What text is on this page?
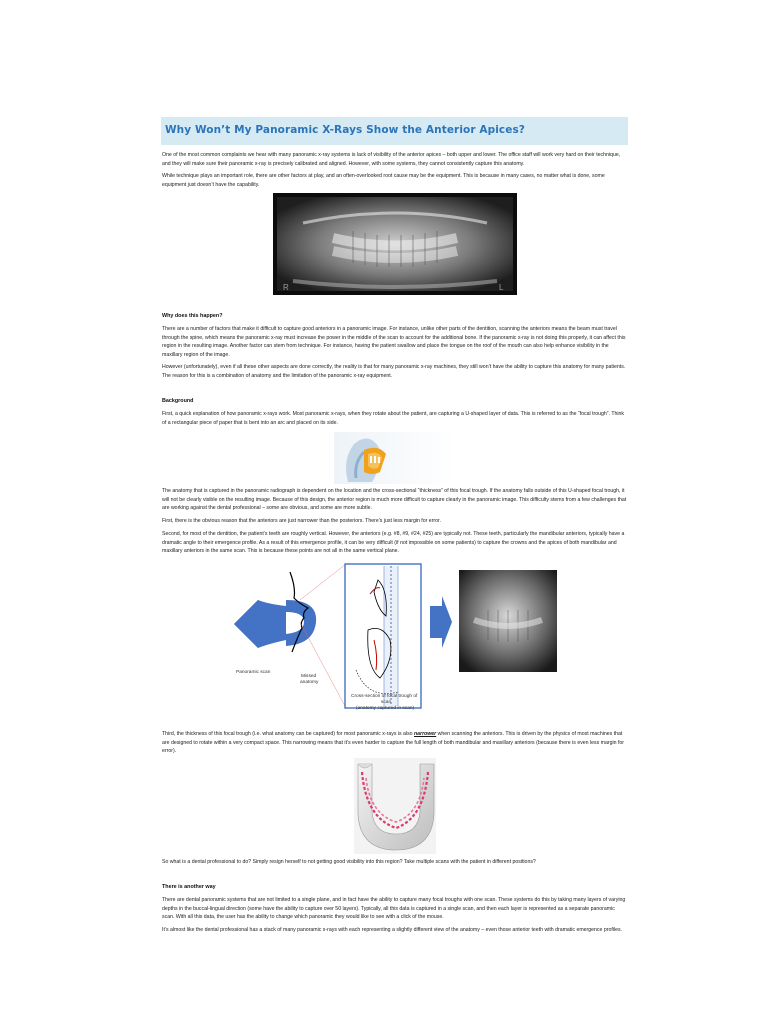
Why Won’t My Panoramic X-Rays Show the Anterior Apices?

One of the most common complaints we hear with many panoramic x-ray systems is lack of visibility of the anterior apices – both upper and lower. The office staff will work very hard on their technique, and they will make sure their panoramic x-ray is precisely calibrated and aligned. However, with some systems, they cannot consistently capture this anatomy.

While technique plays an important role, there are other factors at play, and an often-overlooked root cause may be the equipment. This is because in many cases, no matter what is done, some equipment just doesn’t have the capability.

R	L

Why does this happen?

There are a number of factors that make it difficult to capture good anteriors in a panoramic image. For instance, unlike other parts of the dentition, scanning the anteriors means the beam must travel through the spine, which means the panoramic x-ray must increase the power in the middle of the scan to account for the additional bone. If the panoramic x-ray is not doing this properly, it can affect this region in the resulting image. Another factor can stem from technique. For instance, having the patient swallow and place the tongue on the roof of the mouth can also help enhance visibility in the maxillary region of the image.

However (unfortunately), even if all these other aspects are done correctly, the reality is that for many panoramic x-ray machines, they still won’t have the ability to capture this anatomy for many patients. The reason for this is a combination of anatomy and the limitation of the panoramic x-ray equipment.

Background

First, a quick explanation of how panoramic x-rays work. Most panoramic x-rays, when they rotate about the patient, are capturing a U-shaped layer of data. This is referred to as the “focal trough”. Think of a rectangular piece of paper that is bent into an arc and placed on its side.

The anatomy that is captured in the panoramic radiograph is dependent on the location and the cross-sectional “thickness” of this focal trough. If the anatomy falls outside of this U-shaped focal trough, it will not be clearly visible on the resulting image. Because of this design, the anterior region is much more difficult to capture clearly in the panoramic image. This difficulty stems from a few challenges that are working against the dental professional – some are obvious, and some are more subtle.

First, there is the obvious reason that the anteriors are just narrower than the posteriors. There’s just less margin for error.

Second, for most of the dentition, the patient’s teeth are roughly vertical. However, the anteriors (e.g. #8, #9, #24, #25) are typically not. These teeth, particularly the mandibular anteriors, typically have a dramatic angle to their emergence profile. As a result of this emergence profile, it can be very difficult (if not impossible on some patients) to capture the crowns and the apices of both mandibular and maxillary anteriors in the same scan. This is because these points are not all in the same vertical plane.

Panoramic scan
Missed
anatomy
Cross-section of focal trough of
scan
(anatomy captured in scan)

Third, the thickness of this focal trough (i.e. what anatomy can be captured) for most panoramic x-rays is also narrower when scanning the anteriors. This is driven by the physics of most machines that are designed to rotate within a very compact space. This narrowing means that it’s even harder to capture the full length of both mandibular and maxillary anteriors (because there is even less margin for error).

So what is a dental professional to do? Simply resign herself to not getting good visibility into this region? Take multiple scans with the patient in different positions?

There is another way

There are dental panoramic systems that are not limited to a single plane, and in fact have the ability to capture many focal troughs with one scan. These systems do this by taking many layers of varying depths in the buccal-lingual direction (some have the ability to capture over 50 layers). Typically, all this data is captured in a single scan, and then each layer is represented as a separate panoramic scan. With all this data, the user has the ability to change which panoramic they would like to see with a click of the mouse.

It’s almost like the dental professional has a stack of many panoramic x-rays with each representing a slightly different view of the anatomy – even those anterior teeth with dramatic emergence profiles.
